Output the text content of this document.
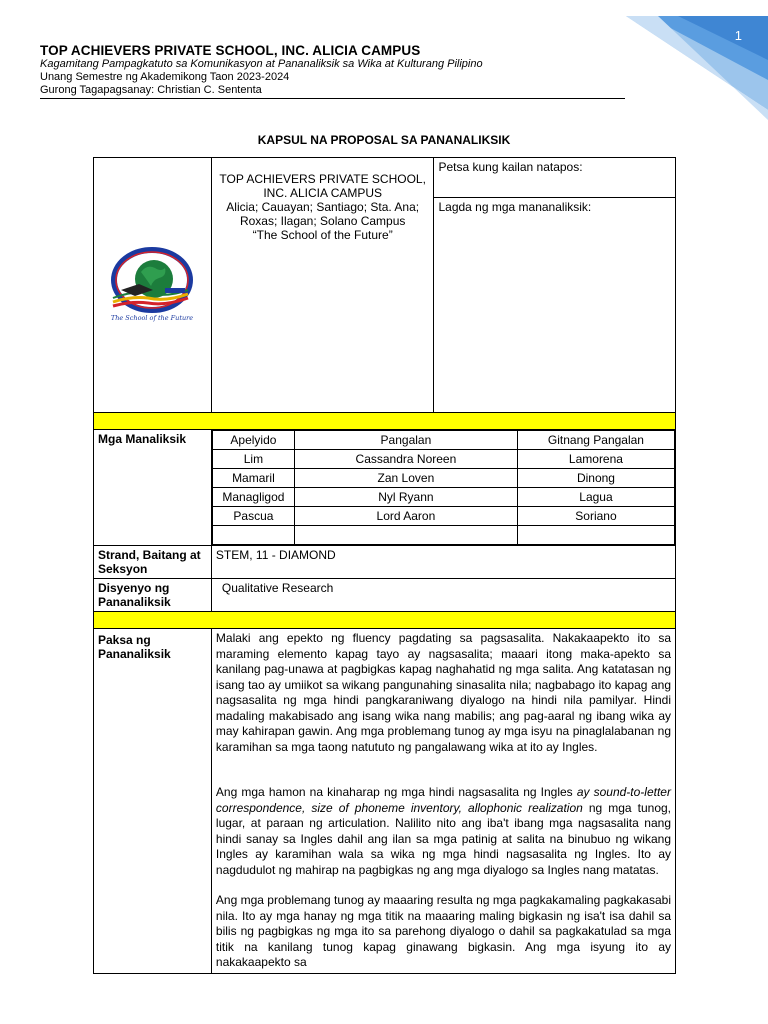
1
TOP ACHIEVERS PRIVATE SCHOOL, INC. ALICIA CAMPUS
Kagamitang Pampagkatuto sa Komunikasyon at Pananaliksik sa Wika at Kulturang Pilipino
Unang Semestre ng Akademikong Taon 2023-2024
Gurong Tagapagsanay: Christian C. Sententa
KAPSUL NA PROPOSAL SA PANANALIKSIK
The School of the Future

TOP ACHIEVERS PRIVATE SCHOOL,
INC. ALICIA CAMPUS
Alicia; Cauayan; Santiago; Sta. Ana;
Roxas; Ilagan; Solano Campus
“The School of the Future”
	Petsa kung kailan natapos:
Lagda ng mga mananaliksik:

Mga Manaliksik		Apelyido	Pangalan	Gitnang Pangalan
Lim	Cassandra Noreen	Lamorena
Mamaril	Zan Loven	Dinong
Managligod	Nyl Ryann	Lagua
Pascua	Lord Aaron	Soriano

Strand, Baitang at Seksyon	STEM, 11 - DIAMOND
Disyenyo ng Pananaliksik	Qualitative Research

Paksa ng Pananaliksik	

Malaki ang epekto ng fluency pagdating sa pagsasalita. Nakakaapekto ito sa maraming elemento kapag tayo ay nagsasalita; maaari itong maka-apekto sa kanilang pag-unawa at pagbigkas kapag naghahatid ng mga salita. Ang katatasan ng isang tao ay umiikot sa wikang pangunahing sinasalita nila; nagbabago ito kapag ang nagsasalita ng mga hindi pangkaraniwang diyalogo na hindi nila pamilyar. Hindi madaling makabisado ang isang wika nang mabilis; ang pag-aaral ng ibang wika ay may kahirapan gawin. Ang mga problemang tunog ay mga isyu na pinaglalabanan ng karamihan sa mga taong natututo ng pangalawang wika at ito ay Ingles.

Ang mga hamon na kinaharap ng mga hindi nagsasalita ng Ingles ay sound-to-letter correspondence, size of phoneme inventory, allophonic realization ng mga tunog, lugar, at paraan ng articulation. Nalilito nito ang iba't ibang mga nagsasalita nang hindi sanay sa Ingles dahil ang ilan sa mga patinig at salita na binubuo ng wikang Ingles ay karamihan wala sa wika ng mga hindi nagsasalita ng Ingles. Ito ay nagdudulot ng mahirap na pagbigkas ng ang mga diyalogo sa Ingles nang matatas.

Ang mga problemang tunog ay maaaring resulta ng mga pagkakamaling pagkakasabi nila. Ito ay mga hanay ng mga titik na maaaring maling bigkasin ng isa't isa dahil sa bilis ng pagbigkas ng mga ito sa parehong diyalogo o dahil sa pagkakatulad sa mga titik na kanilang tunog kapag ginawang bigkasin. Ang mga isyung ito ay nakakaapekto sa
